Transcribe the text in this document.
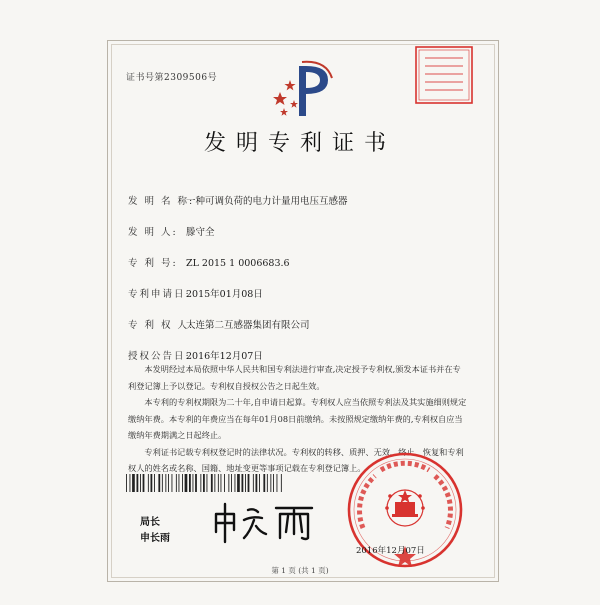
证书号第2309506号
发明专利证书
发 明 名 称:一种可调负荷的电力计量用电压互感器
发 明 人: 滕守全
专 利 号: ZL 2015 1 0006683.6
专利申请日:2015年01月08日
专 利 权 人:大连第二互感器集团有限公司
授权公告日:2016年12月07日

本发明经过本局依照中华人民共和国专利法进行审查,决定授予专利权,颁发本证书并在专利登记簿上予以登记。专利权自授权公告之日起生效。

本专利的专利权期限为二十年,自申请日起算。专利权人应当依照专利法及其实施细则规定缴纳年费。本专利的年费应当在每年01月08日前缴纳。未按照规定缴纳年费的,专利权自应当缴纳年费期满之日起终止。

专利证书记载专利权登记时的法律状况。专利权的转移、质押、无效、终止、恢复和专利权人的姓名或名称、国籍、地址变更等事项记载在专利登记簿上。

局长
申长雨
2016年12月07日
第 1 页 (共 1 页)
